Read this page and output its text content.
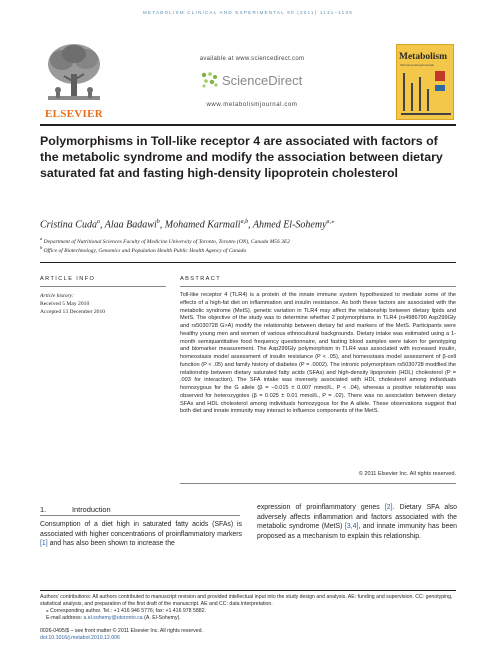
METABOLISM CLINICAL AND EXPERIMENTAL 60 (2011) 1131–1135
ELSEVIER
available at www.sciencedirect.com
ScienceDirect
www.metabolismjournal.com
Metabolism
Clinical and Experimental
Polymorphisms in Toll-like receptor 4 are associated with factors of the metabolic syndrome and modify the association between dietary saturated fat and fasting high-density lipoprotein cholesterol
Cristina Cuda$^a$, Alaa Badawi$^b$, Mohamed Karmali$^{a,b}$, Ahmed El-Sohemy$^{a,⁎}$
$^a$ Department of Nutritional Sciences Faculty of Medicine University of Toronto, Toronto (ON), Canada M5S 3E2
$^b$ Office of Biotechnology, Genomics and Population Health Public Health Agency of Canada
ARTICLE INFO	ABSTRACT
Article history:
Received 5 May 2010
Accepted 13 December 2010
Toll-like receptor 4 (TLR4) is a protein of the innate immune system hypothesized to mediate some of the effects of a high-fat diet on inflammation and insulin resistance. As both these factors are associated with the metabolic syndrome (MetS), genetic variation in TLR4 may affect the relationship between dietary lipids and MetS. The objective of the study was to determine whether 2 polymorphisms in TLR4 (rs4986790 Asp299Gly and rs5030728 G>A) modify the relationship between dietary fat and markers of the MetS. Participants were healthy young men and women of various ethnocultural backgrounds. Dietary intake was estimated using a 1-month semiquantitative food frequency questionnaire, and fasting blood samples were taken for genotyping and biomarker measurement. The Asp299Gly polymorphism in TLR4 was associated with increased insulin, homeostasis model assessment of insulin resistance (P < .05), and homeostasis model assessment of β-cell function (P < .05) and family history of diabetes (P = .0002). The intronic polymorphism rs5030728 modified the relationship between dietary saturated fatty acids (SFAs) and high-density lipoprotein (HDL) cholesterol (P = .003 for interaction). The SFA intake was inversely associated with HDL cholesterol among individuals homozygous for the G allele (β = −0.015 ± 0.007 mmol/L, P < .04), whereas a positive relationship was observed for heterozygotes (β = 0.025 ± 0.01 mmol/L, P = .02). There was no association between dietary SFAs and HDL cholesterol among individuals homozygous for the A allele. These observations suggest that both diet and innate immunity may interact to influence components of the MetS.
© 2011 Elsevier Inc. All rights reserved.
1.	Introduction
Consumption of a diet high in saturated fatty acids (SFAs) is associated with higher concentrations of proinflammatory markers [1] and has also been shown to increase the
expression of proinflammatory genes [2]. Dietary SFA also adversely affects inflammation and factors associated with the metabolic syndrome (MetS) [3,4], and innate immunity has been proposed as a mechanism to explain this relationship.
Authors' contributions: All authors contributed to manuscript revision and provided intellectual input into the study design and analysis. AE: funding and supervision. CC: genotyping, statistical analysis, and preparation of the first draft of the manuscript. AE and CC: data interpretation.
⁎ Corresponding author. Tel.: +1 416 946 5776; fax: +1 416 978 5882.
E-mail address: a.el.sohemy@utoronto.ca (A. El-Sohemy).
0026-0495/$ – see front matter © 2011 Elsevier Inc. All rights reserved.
doi:10.1016/j.metabol.2010.12.006
